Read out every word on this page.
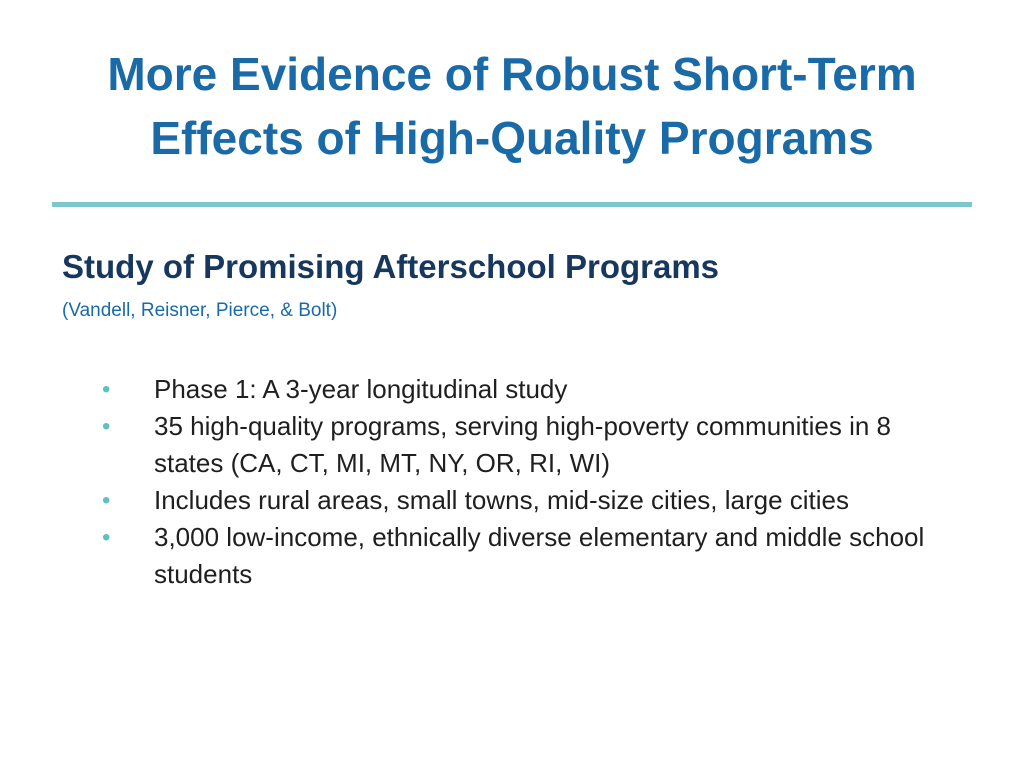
More Evidence of Robust Short-Term
Effects of High-Quality Programs
Study of Promising Afterschool Programs

(Vandell, Reisner, Pierce, & Bolt)

• Phase 1: A 3-year longitudinal study
• 35 high-quality programs, serving high-poverty communities in 8 states (CA, CT, MI, MT, NY, OR, RI, WI)
• Includes rural areas, small towns, mid-size cities, large cities
• 3,000 low-income, ethnically diverse elementary and middle school students
